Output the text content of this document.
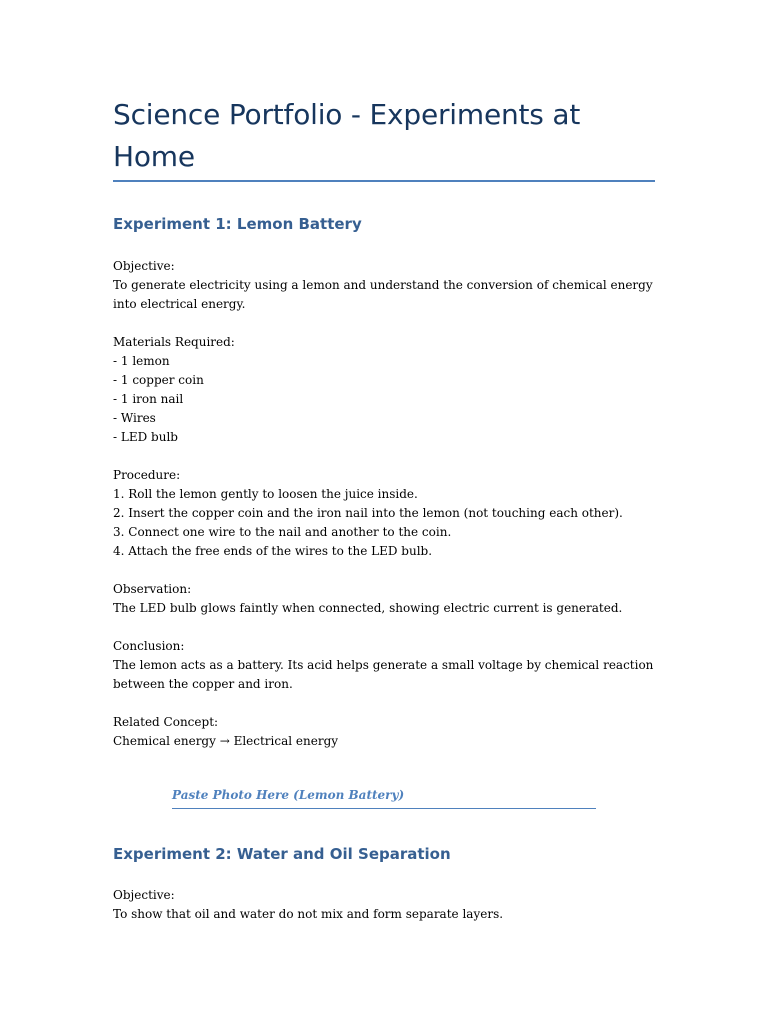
Science Portfolio - Experiments at Home
Experiment 1: Lemon Battery
Objective:
To generate electricity using a lemon and understand the conversion of chemical energy
into electrical energy.
Materials Required:
- 1 lemon
- 1 copper coin
- 1 iron nail
- Wires
- LED bulb
Procedure:
1. Roll the lemon gently to loosen the juice inside.
2. Insert the copper coin and the iron nail into the lemon (not touching each other).
3. Connect one wire to the nail and another to the coin.
4. Attach the free ends of the wires to the LED bulb.
Observation:
The LED bulb glows faintly when connected, showing electric current is generated.
Conclusion:
The lemon acts as a battery. Its acid helps generate a small voltage by chemical reaction
between the copper and iron.
Related Concept:
Chemical energy → Electrical energy
Paste Photo Here (Lemon Battery)
Experiment 2: Water and Oil Separation
Objective:
To show that oil and water do not mix and form separate layers.
